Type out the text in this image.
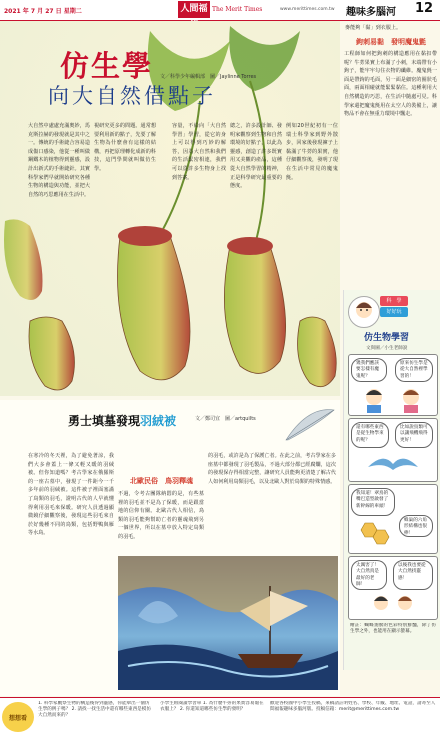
2021 年 7 月 27 日 星期二	人間福 The Merit Times	www.merittimes.com.tw 趣味多腦河 12
仿生學
向大自然借點子
文／科學少年編輯部　圖／Jaylinne Torres
大自然中處處充滿奧妙，馬克斯拉赫的發現就是其中之一。傳統的手術縫合容易造成傷口感染，他從一種叫做鋼鐵木的植物得到靈感，設計出新式的手術縫針。其實科學家們早就開始研究各種生物的構造與功能，並把大自然的巧思應用在生活中。
視研究更多的問題。通常想要利用新的點子，先要了解生物為什麼會有這樣的結構，再把原理轉化成新的科技，這門學問就叫做仿生學。
容量，不給向「大自然學習」學習，從它的身上可以得到巧妙的解答，因為大自然和我們的生活緊密相連，我們可以從許多生物身上找到答案。
總之，許多設計師、發明家觀察到生物和自然環境的好點子，以此為靈感，創造了許多既實用又美觀的產品，這種從大自然學習的精神，正是科學研究最重要的態度。
例如20世紀初有一位瑞士科學家到野外散步，回家後發現褲子上黏滿了牛蒡的果實，他仔細觀察後，發明了現在生活中常見的魔鬼氈。
麥能夠「黏」到衣服上。
鉤刺易黏　發明魔鬼氈
工程師如何把鉤刺的構造應用在黏扣帶呢？牛蒡果實上布滿了小刺，末端帶有小鉤子，能牢牢勾住衣物的纖維。魔鬼氈一面是帶鉤的毛面，另一面是細密的圈狀毛面，兩面相碰就能緊緊黏住。這種利用大自然構造的巧思，在生活中隨處可見。科學家還把魔鬼氈用在太空人的裝備上，讓物品不會在無重力環境中飄走。
科　學
好好玩
仿生物學習
文與圖／小生老師說
幾我們應該要怎樣有魔鬼呢？
原來仿生學是從大自然裡學習的！
還有哪些東西是從生物學來的呢？
比如說鳥類可以讓飛機飛得更好！
我知道！翠鳥的嘴巴造型啟發了新幹線的車頭！
蜂巢的六角形結構也很棒！
太厲害了！大自然真是最好的老師！
以後我也要從大自然找靈感！
繪註：蝴蝶翅膀的色彩特別鮮豔，除了仿生學之外，也能用在顯示螢幕。
勇士填墓發現羽絨被	文／鄭司宜　圖／artquilts
在寒冷的冬天裡，為了避免著涼，我們大多會蓋上一條又輕又暖的羽絨被。但你知道嗎？考古學家在俄羅斯的一座古墓中，發現了一件距今一千多年前的羽絨被。這件被子裡面塞滿了鳥類的羽毛，證明古代的人早就懂得利用羽毛來保暖。研究人員透過顯微鏡仔細觀察後，發現這些羽毛來自於好幾種不同的鳥類，包括野鴨與雁等水鳥。
北歐民俗　鳥羽釋魂
不過，令考古團隊納悶的是，有些墓裡的羽毛並不是為了保暖，而是跟當地的信仰有關。北歐古代人相信，鳥類的羽毛能夠幫助亡者的靈魂飛到另一個世界，所以在墓中放入特定鳥類的羽毛。
的羽毛，或許是為了保護亡者。在此之前，考古學家在多座墓中都發現了羽毛製品，不過大部分都已經腐爛，這次的發現保存得相當完整，讓研究人員能夠更清楚了解古代人如何利用鳥類羽毛，以及北歐人對於鳥類的特殊情感。
想想看
1. 科學家觀察生物的構造後得到靈感，你能舉出一個仿生學的例子嗎？ 2. 請找一找生活中還有哪些東西是模仿大自然而來的？
小學生組閱讀學習單 1. 為什麼牛蒡的果實容易黏在衣服上？ 2. 你還知道哪些仿生學的發明？
歡迎各校國中小學生投稿，來稿請註明姓名、學校、年級、地址、電話，請寄至人間福報趣味多腦河版。投稿信箱：merit@merittimes.com.tw
